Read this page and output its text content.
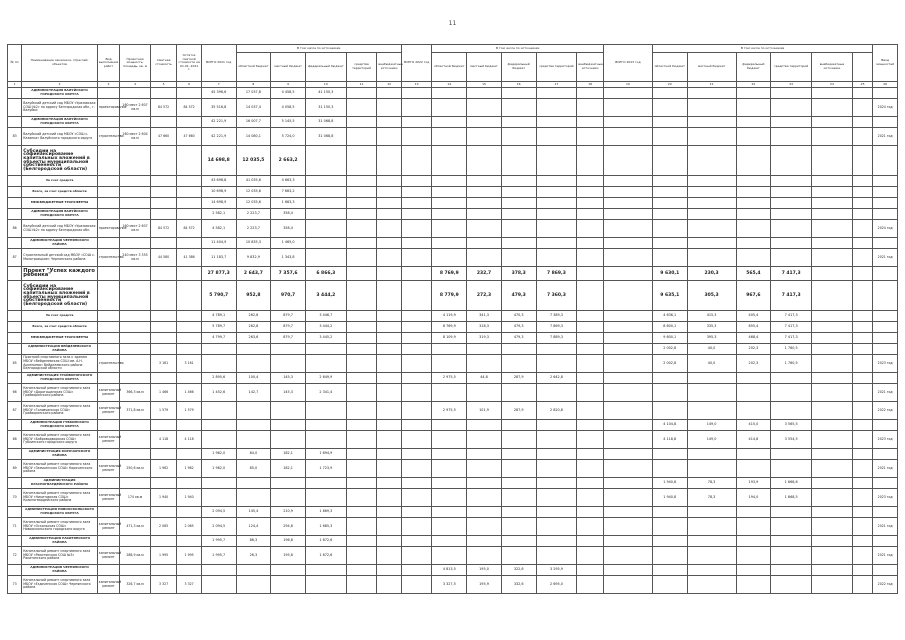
11
№ пп	Наименование заказчика, отраслей, объектов	Вид выполнения работ	Проектная мощность, площадь, кв. м	Сметная стоимость	Остаток сметной стоимости на 01.01. 2021 г.	ВСЕГО 2021 год	В том числе по источникам					ВСЕГО 2022 год	В том числе по источникам					ВСЕГО 2023 год	В том числе по источникам						Ввод мощностей
							областной бюджет	местный бюджет	федеральный бюджет	средства территорий	внебюджетные источники		областной бюджет	местный бюджет	федеральный бюджет	средства территорий	внебюджетные источники		областной бюджет	местный бюджет	федеральный бюджет	средства территорий	внебюджетные источники		
1	2	3	4	5	6	7	8	9	10	11	12	13	14	15	16	17	18	19	20	21	22	23	24	25	26
	АДМИНИСТРАЦИЯ ВАЛУЙСКОГО ГОРОДСКОГО ОКРУГА					45 396,6	17 037,8	4 458,5	41 150,3																
	Валуйский детский сад МБОУ «Уразовская СОШ №2» по адресу Белгородская обл., г. Валуйки	проектирование	160 мест 2 607 кв.м	84 572	84 572	35 516,8	14 037,4	4 058,5	31 150,3																2024 год
	АДМИНИСТРАЦИЯ ВАЛУЙСКОГО ГОРОДСКОГО ОКРУГА					42 221,9	16 007,7	5 145,5	31 068,8																
83	Валуйский детский сад МБОУ «СОШ с. Казинка» Валуйского городского округа	строительство	160 мест 2 604 кв.м	47 660	47 660	42 221,9	14 080,1	5 724,0	31 068,8																2021 год
	Субсидии на софинансирование капитальных вложений в объекты муниципальной собственности (Белгородской области)					14 698,8	12 035,5	2 663,2																	
	За счет средств					43 698,8	41 035,6	4 663,3																	
	Всего, за счет средств области					10 698,9	12 035,6	7 663,2																	
	МЕЖБЮДЖЕТНЫЕ ТРАНСФЕРТЫ					14 698,9	12 035,6	1 663,3																	
	АДМИНИСТРАЦИЯ ВАЛУЙСКОГО ГОРОДСКОГО ОКРУГА					2 582,1	2 223,7	358,4																	
86	Валуйский детский сад МБОУ «Уразовская СОШ №2» по адресу Белгородская обл.	проектирование	160 мест 2 607 кв.м	84 572	84 572	4 582,1	2 223,7	358,4																	2024 год
	АДМИНИСТРАЦИЯ ЧЕРНЯНСКОГО РАЙОНА					11 404,9	10 835,3	1 465,0																	
87	Строительный детский сад МБОУ «СОШ с. Малотроицкое» Чернянского района	строительство	240 мест 3 355 кв.м	44 580	41 386	11 183,7	9 832,9	1 343,8																	2021 год
	Проект "Успех каждого ребенка"					27 877,3	2 643,7	7 357,6	6 866,3				8 769,9	232,7	378,3	7 869,3			9 630,1	230,3	565,4	7 417,3			
	Субсидии на софинансирование капитальных вложений в объекты муниципальной собственности (Белгородской области)					5 790,7	952,8	970,7	3 444,2				8 779,9	272,3	479,3	7 360,3			9 635,1	305,3	967,6	7 417,3			
	За счет средств					4 789,1	262,6	879,7	3 446,7				4 119,9	341,3	470,3	7 389,3			4 636,1	415,3	405,4	7 417,3			
	Всего, за счет средств области					5 789,7	262,8	879,7	3 444,2				8 769,9	318,3	479,3	7 869,3			8 600,1	335,3	655,4	7 417,3			
	МЕЖБЮДЖЕТНЫЕ ТРАНСФЕРТЫ					4 799,7	263,6	879,7	3 445,2				8 109,9	319,3	479,3	7 889,3			9 600,1	395,3	468,4	7 417,3			
	АДМИНИСТРАЦИЯ ВЕЙДЕЛЕВСКОГО РАЙОНА																		2 002,8	40,0	202,3	1 760,5			
65	Пристрой спортивного зала к зданию МБОУ «Вейделевская СОШ им. А.Н. Арсеньева» Вейделевского района Белгородской области	строительство		3 161	3 161														2 002,8	40,0	202,3	1 760,5			2023 год
	АДМИНИСТРАЦИЯ ГРАЙВОРОНСКОГО ГОРОДСКОГО ОКРУГА					2 895,6	100,4	145,3	2 649,9				2 975,5	44,8	287,9	2 642,8									
66	Капитальный ремонт спортивного зала МБОУ «Дорогощанская СОШ» Грайворонского района	капитальный ремонт	366,3 кв.м	1 466	1 466	1 452,6	142,7	145,3	2 341,4																2021 год
67	Капитальный ремонт спортивного зала МБОУ «Головчинская СОШ» Грайворонского района	капитальный ремонт	371,8 кв.м	1 579	1 579								2 975,5	101,9	287,9	2 820,8									2022 год
	АДМИНИСТРАЦИЯ ГУБКИНСКОГО ГОРОДСКОГО ОКРУГА																		4 104,8	149,0	415,0	3 565,5			
68	Капитальный ремонт спортивного зала МБОУ «Боброводворская СОШ» Губкинского городского округа	капитальный ремонт		4 118	4 118														4 118,8	149,0	414,8	3 554,5			2023 год
	АДМИНИСТРАЦИЯ КОРОЧАНСКОГО РАЙОНА					1 962,0	84,0	182,1	1 694,9																
69	Капитальный ремонт спортивного зала МБОУ «Заячьенская СОШ» Корочанского района	капитальный ремонт	250,6 кв.м	1 962	1 962	1 962,0	85,0	182,1	1 723,9																2021 год
	АДМИНИСТРАЦИЯ КРАСНОГВАРДЕЙСКОГО РАЙОНА																		1 940,8	78,3	193,9	1 668,6			
70	Капитальный ремонт спортивного зала МБОУ «Никитовская СОШ» Красногвардейского района	капитальный ремонт	174 кв.м	1 940	1 940														1 940,8	78,3	194,0	1 668,5			2023 год
	АДМИНИСТРАЦИЯ НОВООСКОЛЬСКОГО ГОРОДСКОГО ОКРУГА					2 094,5	145,4	210,9	1 669,3																
71	Капитальный ремонт спортивного зала МБОУ «Оскольская СОШ» Новооскольского городского округа	капитальный ремонт	471,3 кв.м	2 065	2 065	2 094,5	124,4	294,8	1 685,3																2021 год
	АДМИНИСТРАЦИЯ РАКИТЯНСКОГО РАЙОНА					1 995,7	86,3	196,8	1 672,6																
72	Капитальный ремонт спортивного зала МБОУ «Ракитянская СОШ №3» Ракитянского района	капитальный ремонт	288,9 кв.м	1 995	1 995	1 995,7	26,3	195,8	1 672,6																2021 год
	АДМИНИСТРАЦИЯ ЧЕРНЯНСКОГО РАЙОНА												4 813,5	195,0	322,6	3 295,9									
73	Капитальный ремонт спортивного зала МБОУ «Ездоченская СОШ» Чернянского района	капитальный ремонт	326,7 кв.м	3 327	3 327								3 327,5	195,9	332,6	2 695,0									2022 год
